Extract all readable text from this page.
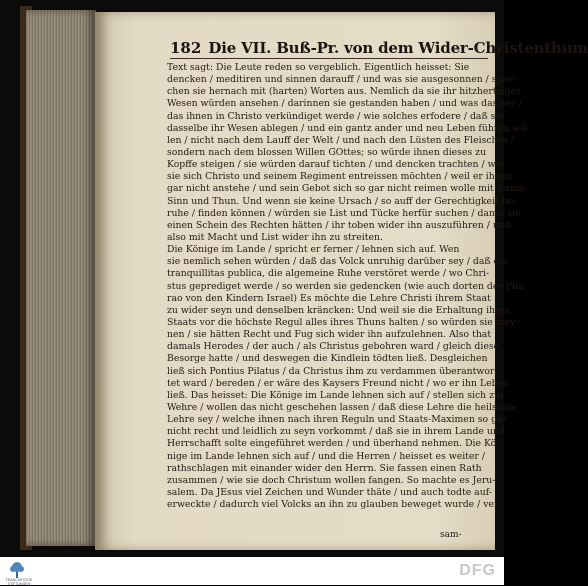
182 Die VII. Buß-Pr. von dem Wider-Christenthum
Text sagt: Die Leute reden so vergeblich. Eigentlich heisset: Sie
dencken / meditiren und sinnen darauff / und was sie ausgesonnen / spre-
chen sie hernach mit (harten) Worten aus. Nemlich da sie ihr hitzhertziges
Wesen würden ansehen / darinnen sie gestanden haben / und was das sey /
das ihnen in Christo verkündiget werde / wie solches erfodere / daß sie
dasselbe ihr Wesen ablegen / und ein gantz ander und neu Leben führen sol-
len / nicht nach dem Lauff der Welt / und nach den Lüsten des Fleisches /
sondern nach dem blossen Willen GOttes; so würde ihnen dieses zu
Kopffe steigen / sie würden darauf tichten / und dencken trachten / wie
sie sich Christo und seinem Regiment entreissen möchten / weil er ihnen
gar nicht anstehe / und sein Gebot sich so gar nicht reimen wolle mit ihrem
Sinn und Thun. Und wenn sie keine Ursach / so auff der Gerechtigkeit be-
ruhe / finden können / würden sie List und Tücke herfür suchen / damit sie
einen Schein des Rechten hätten / ihr toben wider ihn auszuführen / und
also mit Macht und List wider ihn zu streiten.
Die Könige im Lande / spricht er ferner / lehnen sich auf. Wen
sie nemlich sehen würden / daß das Volck unruhig darüber sey / daß die
tranquillitas publica, die algemeine Ruhe verstöret werde / wo Chri-
stus geprediget werde / so werden sie gedencken (wie auch dorten der Pha-
rao von den Kindern Israel) Es möchte die Lehre Christi ihrem Staat
zu wider seyn und denselben kräncken: Und weil sie die Erhaltung ihres
Staats vor die höchste Regul alles ihres Thuns halten / so würden sie mey-
nen / sie hätten Recht und Fug sich wider ihn aufzulehnen. Also that
damals Herodes / der auch / als Christus gebohren ward / gleich diese
Besorge hatte / und deswegen die Kindlein tödten ließ. Desgleichen
ließ sich Pontius Pilatus / da Christus ihm zu verdammen überantwor-
tet ward / bereden / er wäre des Kaysers Freund nicht / wo er ihn Leben
ließ. Das heisset: Die Könige im Lande lehnen sich auf / stellen sich zur
Wehre / wollen das nicht geschehen lassen / daß diese Lehre die heilsame
Lehre sey / welche ihnen nach ihren Reguln und Staats-Maximen so gar
nicht recht und leidlich zu seyn vorkommt / daß sie in ihrem Lande und
Herrschafft solte eingeführet werden / und überhand nehmen. Die Kö-
nige im Lande lehnen sich auf / und die Herren / heisset es weiter /
rathschlagen mit einander wider den Herrn. Sie fassen einen Rath
zusammen / wie sie doch Christum wollen fangen. So machte es Jeru-
salem. Da JEsus viel Zeichen und Wunder thäte / und auch todte auf-
erweckte / dadurch viel Volcks an ihn zu glauben beweget wurde / ver-
sam-
FRANCKESCHE STIFTUNGEN
DFG
